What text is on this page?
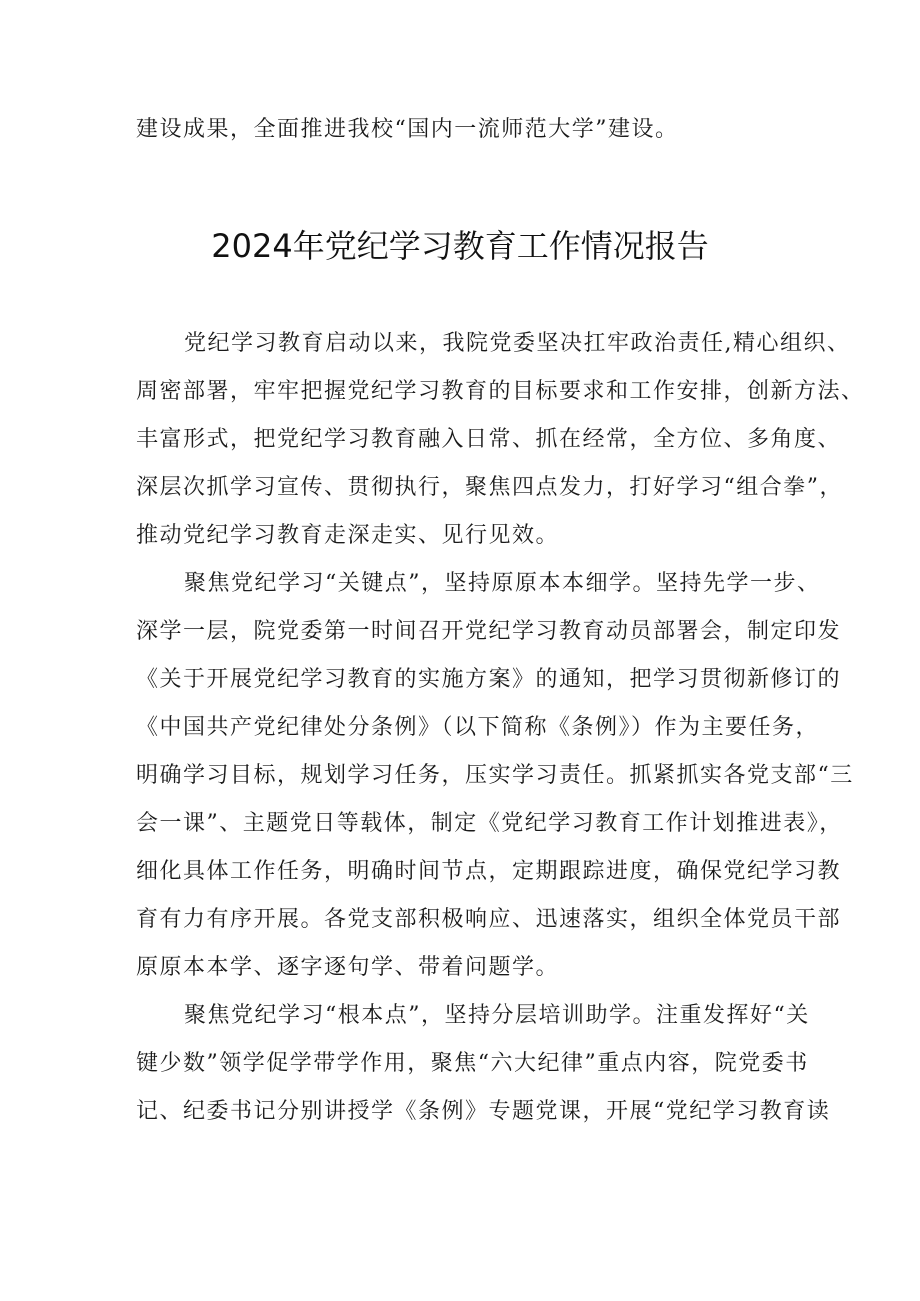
建设成果，全面推进我校“国内一流师范大学”建设。
2024年党纪学习教育工作情况报告
党纪学习教育启动以来，我院党委坚决扛牢政治责任,精心组织、
周密部署，牢牢把握党纪学习教育的目标要求和工作安排，创新方法、
丰富形式，把党纪学习教育融入日常、抓在经常，全方位、多角度、
深层次抓学习宣传、贯彻执行，聚焦四点发力，打好学习“组合拳”，
推动党纪学习教育走深走实、见行见效。
聚焦党纪学习“关键点”，坚持原原本本细学。坚持先学一步、
深学一层，院党委第一时间召开党纪学习教育动员部署会，制定印发
《关于开展党纪学习教育的实施方案》的通知，把学习贯彻新修订的
《中国共产党纪律处分条例》（以下简称《条例》）作为主要任务，
明确学习目标，规划学习任务，压实学习责任。抓紧抓实各党支部“三
会一课”、主题党日等载体，制定《党纪学习教育工作计划推进表》，
细化具体工作任务，明确时间节点，定期跟踪进度，确保党纪学习教
育有力有序开展。各党支部积极响应、迅速落实，组织全体党员干部
原原本本学、逐字逐句学、带着问题学。
聚焦党纪学习“根本点”，坚持分层培训助学。注重发挥好“关
键少数”领学促学带学作用，聚焦“六大纪律”重点内容，院党委书
记、纪委书记分别讲授学《条例》专题党课，开展“党纪学习教育读
